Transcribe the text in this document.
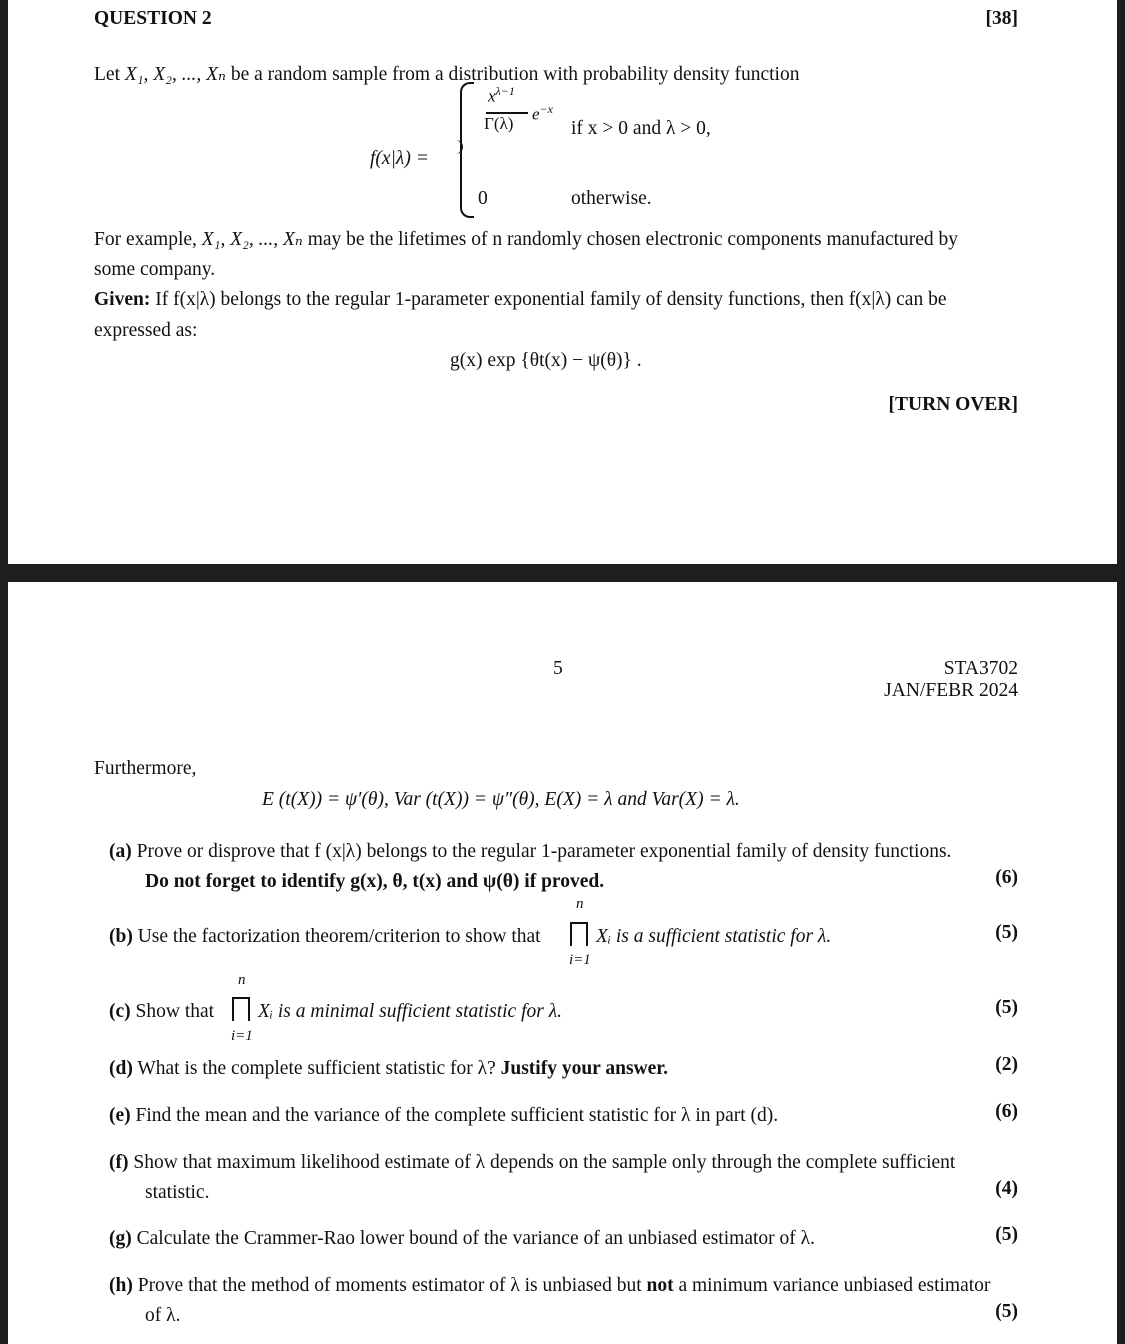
QUESTION 2	[38]
Let X₁, X₂, ..., Xₙ be a random sample from a distribution with probability density function
f(x|λ) =
$x^{\lambda-1}$
Γ(λ) $e^{-x}$
if x > 0 and λ > 0,
0	otherwise.
For example, X₁, X₂, ..., Xₙ may be the lifetimes of n randomly chosen electronic components manufactured by
some company.
Given: If f(x|λ) belongs to the regular 1-parameter exponential family of density functions, then f(x|λ) can be
expressed as:
g(x) exp {θt(x) − ψ(θ)} .
[TURN OVER]
5	STA3702
JAN/FEBR 2024
Furthermore,
E (t(X)) = ψ′(θ), Var (t(X)) = ψ″(θ), E(X) = λ and Var(X) = λ.
(a) Prove or disprove that f (x|λ) belongs to the regular 1-parameter exponential family of density functions.
Do not forget to identify g(x), θ, t(x) and ψ(θ) if proved.	(6)
(b) Use the factorization theorem/criterion to show that
n
i=1
Xᵢ is a sufficient statistic for λ.	(5)
(c) Show that
n
i=1
Xᵢ is a minimal sufficient statistic for λ.	(5)
(d) What is the complete sufficient statistic for λ? Justify your answer.	(2)
(e) Find the mean and the variance of the complete sufficient statistic for λ in part (d).	(6)
(f) Show that maximum likelihood estimate of λ depends on the sample only through the complete sufficient
statistic.	(4)
(g) Calculate the Crammer-Rao lower bound of the variance of an unbiased estimator of λ.	(5)
(h) Prove that the method of moments estimator of λ is unbiased but not a minimum variance unbiased estimator
of λ.	(5)
